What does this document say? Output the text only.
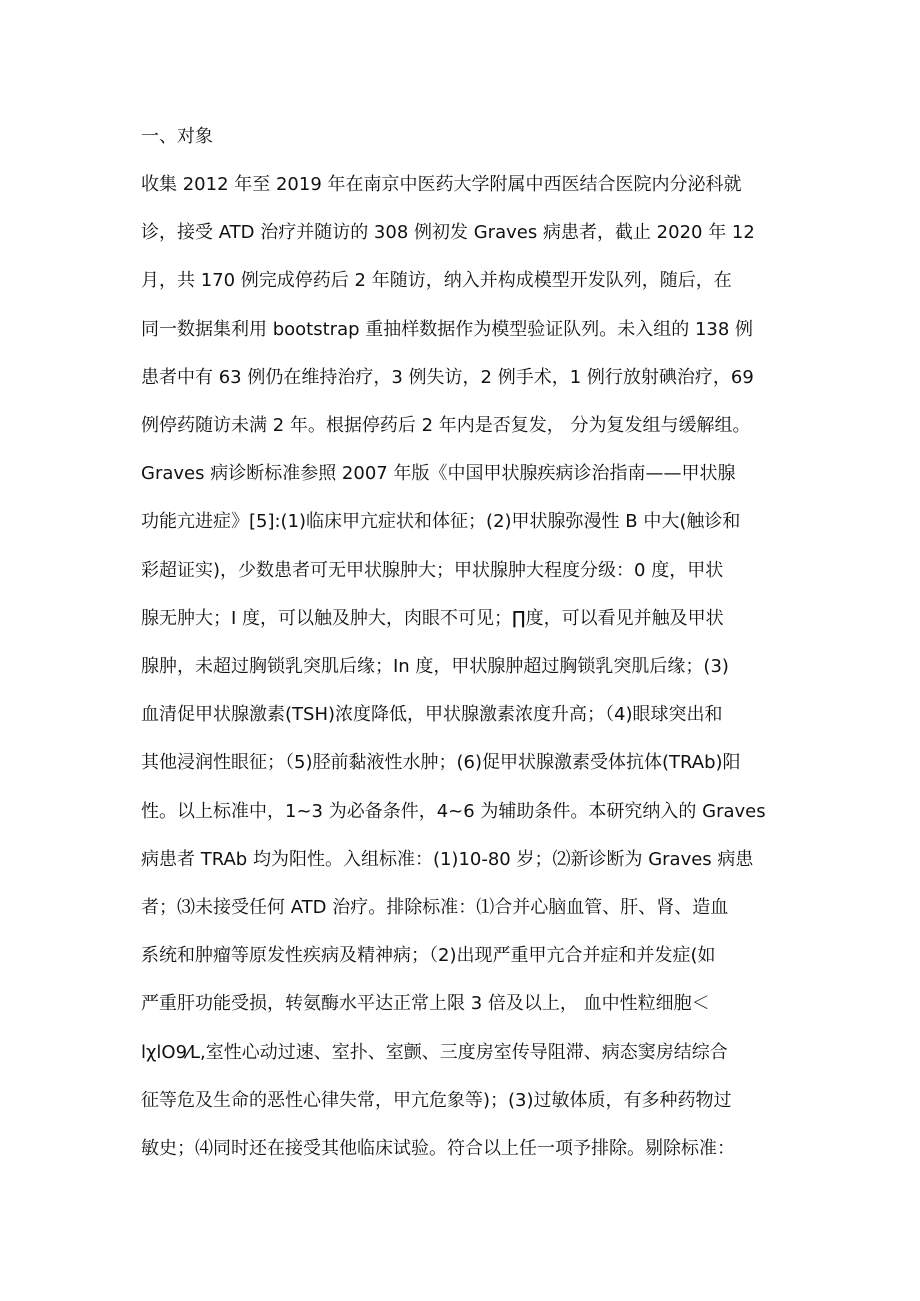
一、对象
收集 2012 年至 2019 年在南京中医药大学附属中西医结合医院内分泌科就
诊，接受 ATD 治疗并随访的 308 例初发 Graves 病患者，截止 2020 年 12
月，共 170 例完成停药后 2 年随访，纳入并构成模型开发队列，随后，在
同一数据集利用 bootstrap 重抽样数据作为模型验证队列。未入组的 138 例
患者中有 63 例仍在维持治疗，3 例失访，2 例手术，1 例行放射碘治疗，69
例停药随访未满 2 年。根据停药后 2 年内是否复发， 分为复发组与缓解组。
Graves 病诊断标准参照 2007 年版《中国甲状腺疾病诊治指南——甲状腺
功能亢进症》[5]:(1)临床甲亢症状和体征；(2)甲状腺弥漫性 B 中大(触诊和
彩超证实)，少数患者可无甲状腺肿大；甲状腺肿大程度分级：0 度，甲状
腺无肿大；I 度，可以触及肿大，肉眼不可见；∏度，可以看见并触及甲状
腺肿，未超过胸锁乳突肌后缘；In 度，甲状腺肿超过胸锁乳突肌后缘；(3)
血清促甲状腺激素(TSH)浓度降低，甲状腺激素浓度升高；（4)眼球突出和
其他浸润性眼征；（5)胫前黏液性水肿；(6)促甲状腺激素受体抗体(TRAb)阳
性。以上标准中，1~3 为必备条件，4~6 为辅助条件。本研究纳入的 Graves
病患者 TRAb 均为阳性。入组标准：(1)10-80 岁；⑵新诊断为 Graves 病患
者；⑶未接受任何 ATD 治疗。排除标准：⑴合并心脑血管、肝、肾、造血
系统和肿瘤等原发性疾病及精神病；（2)出现严重甲亢合并症和并发症(如
严重肝功能受损，转氨酶水平达正常上限 3 倍及以上， 血中性粒细胞＜
lχlO9⁄L,室性心动过速、室扑、室颤、三度房室传导阻滞、病态窦房结综合
征等危及生命的恶性心律失常，甲亢危象等)；(3)过敏体质，有多种药物过
敏史；⑷同时还在接受其他临床试验。符合以上任一项予排除。剔除标准：
